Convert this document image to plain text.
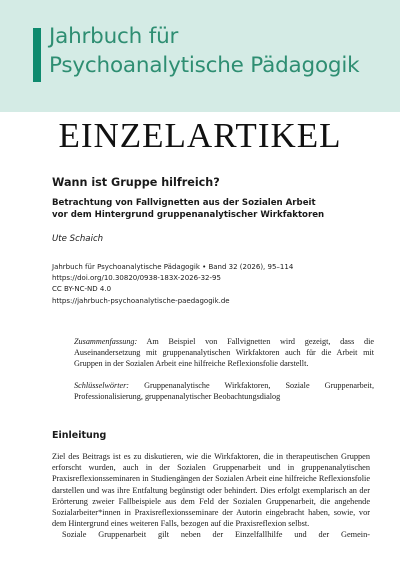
Jahrbuch für
Psychoanalytische Pädagogik
EINZELARTIKEL
Wann ist Gruppe hilfreich?
Betrachtung von Fallvignetten aus der Sozialen Arbeit
vor dem Hintergrund gruppenanalytischer Wirkfaktoren
Ute Schaich
Jahrbuch für Psychoanalytische Pädagogik • Band 32 (2026), 95–114
https://doi.org/10.30820/0938-183X-2026-32-95
CC BY-NC-ND 4.0
https://jahrbuch-psychoanalytische-paedagogik.de

Zusammenfassung: Am Beispiel von Fallvignetten wird gezeigt, dass die Auseinandersetzung mit gruppenanalytischen Wirkfaktoren auch für die Arbeit mit Gruppen in der Sozialen Arbeit eine hilfreiche Reflexionsfolie darstellt.

Schlüsselwörter: Gruppenanalytische Wirkfaktoren, Soziale Gruppenarbeit, Professionalisierung, gruppenanalytischer Beobachtungsdialog

Einleitung

Ziel des Beitrags ist es zu diskutieren, wie die Wirkfaktoren, die in therapeutischen Gruppen erforscht wurden, auch in der Sozialen Gruppenarbeit und in gruppenanalytischen Praxisreflexionsseminaren in Studiengängen der Sozialen Arbeit eine hilfreiche Reflexionsfolie darstellen und was ihre Entfaltung begünstigt oder behindert. Dies erfolgt exemplarisch an der Erörterung zweier Fallbeispiele aus dem Feld der Sozialen Gruppenarbeit, die angehende Sozialarbeiter*innen in Praxisreflexionsseminare der Autorin eingebracht haben, sowie, vor dem Hintergrund eines weiteren Falls, bezogen auf die Praxisreflexion selbst.

Soziale Gruppenarbeit gilt neben der Einzelfallhilfe und der Gemein-
